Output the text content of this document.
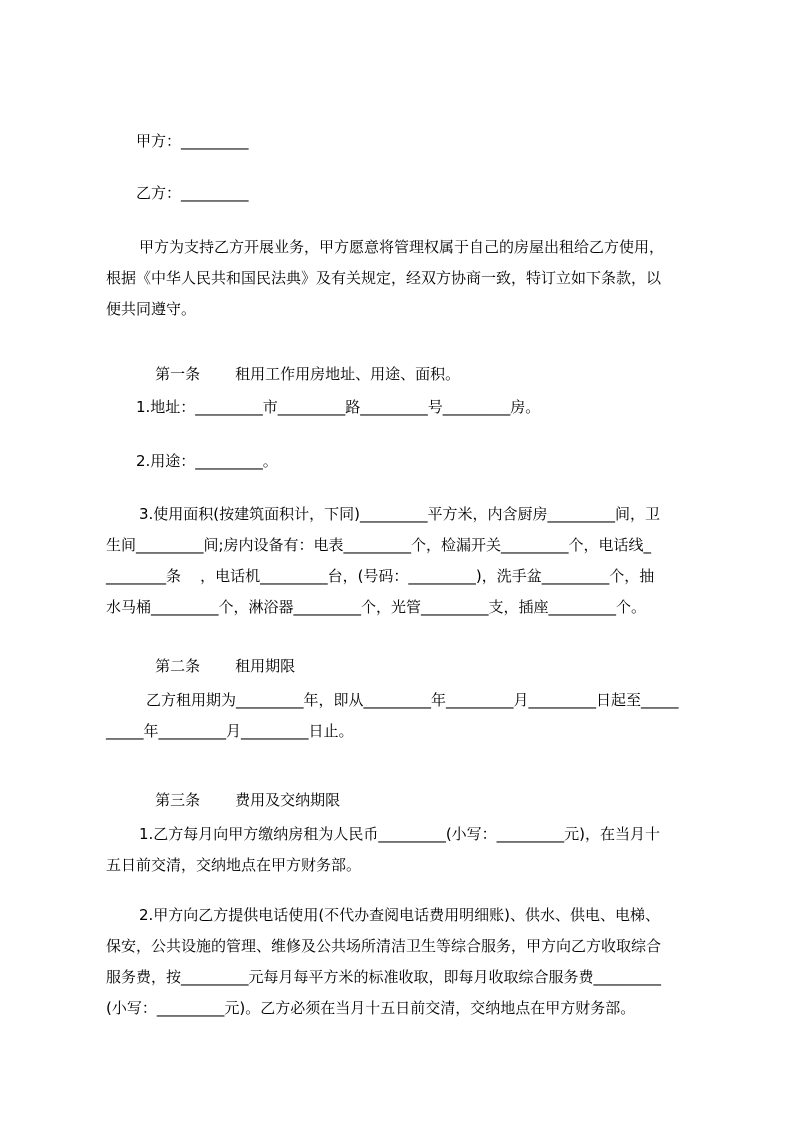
甲方：_________
乙方：_________
甲方为支持乙方开展业务，甲方愿意将管理权属于自己的房屋出租给乙方使用，
根据《中华人民共和国民法典》及有关规定，经双方协商一致，特订立如下条款，以
便共同遵守。

第一条 租用工作用房地址、用途、面积。

1.地址：_________市_________路_________号_________房。
2.用途：_________。
3.使用面积(按建筑面积计，下同)_________平方米，内含厨房_________间，卫
生间_________间;房内设备有：电表_________个，检漏开关_________个，电话线_
________条    ，电话机_________台，(号码：_________)，洗手盆_________个，抽
水马桶_________个，淋浴器_________个，光管_________支，插座_________个。

第二条 租用期限

乙方租用期为_________年，即从_________年_________月_________日起至_____
_____年_________月_________日止。

第三条 费用及交纳期限

1.乙方每月向甲方缴纳房租为人民币_________(小写：_________元)，在当月十
五日前交清，交纳地点在甲方财务部。
2.甲方向乙方提供电话使用(不代办查阅电话费用明细账)、供水、供电、电梯、
保安，公共设施的管理、维修及公共场所清洁卫生等综合服务，甲方向乙方收取综合
服务费，按_________元每月每平方米的标准收取，即每月收取综合服务费_________
(小写：_________元)。乙方必须在当月十五日前交清，交纳地点在甲方财务部。
